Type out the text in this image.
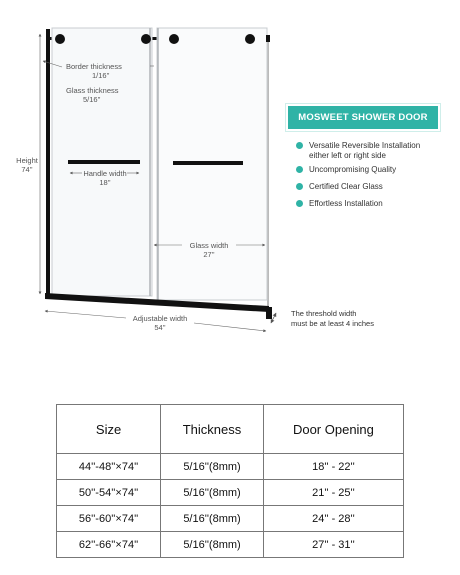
Border thickness
1/16''
Glass thickness
5/16''
Height
74''	Handle width
18''
Glass width
27''
Adjustable width
54''
The threshold width
must be at least 4 inches
MOSWEET SHOWER DOOR
Versatile Reversible Installation
either left or right side
Uncompromising Quality
Certified Clear Glass
Effortless Installation
Size	Thickness	Door Opening
44''-48''×74''	5/16''(8mm)	18'' - 22''
50''-54''×74''	5/16''(8mm)	21'' - 25''
56''-60''×74''	5/16''(8mm)	24'' - 28''
62''-66''×74''	5/16''(8mm)	27'' - 31''
